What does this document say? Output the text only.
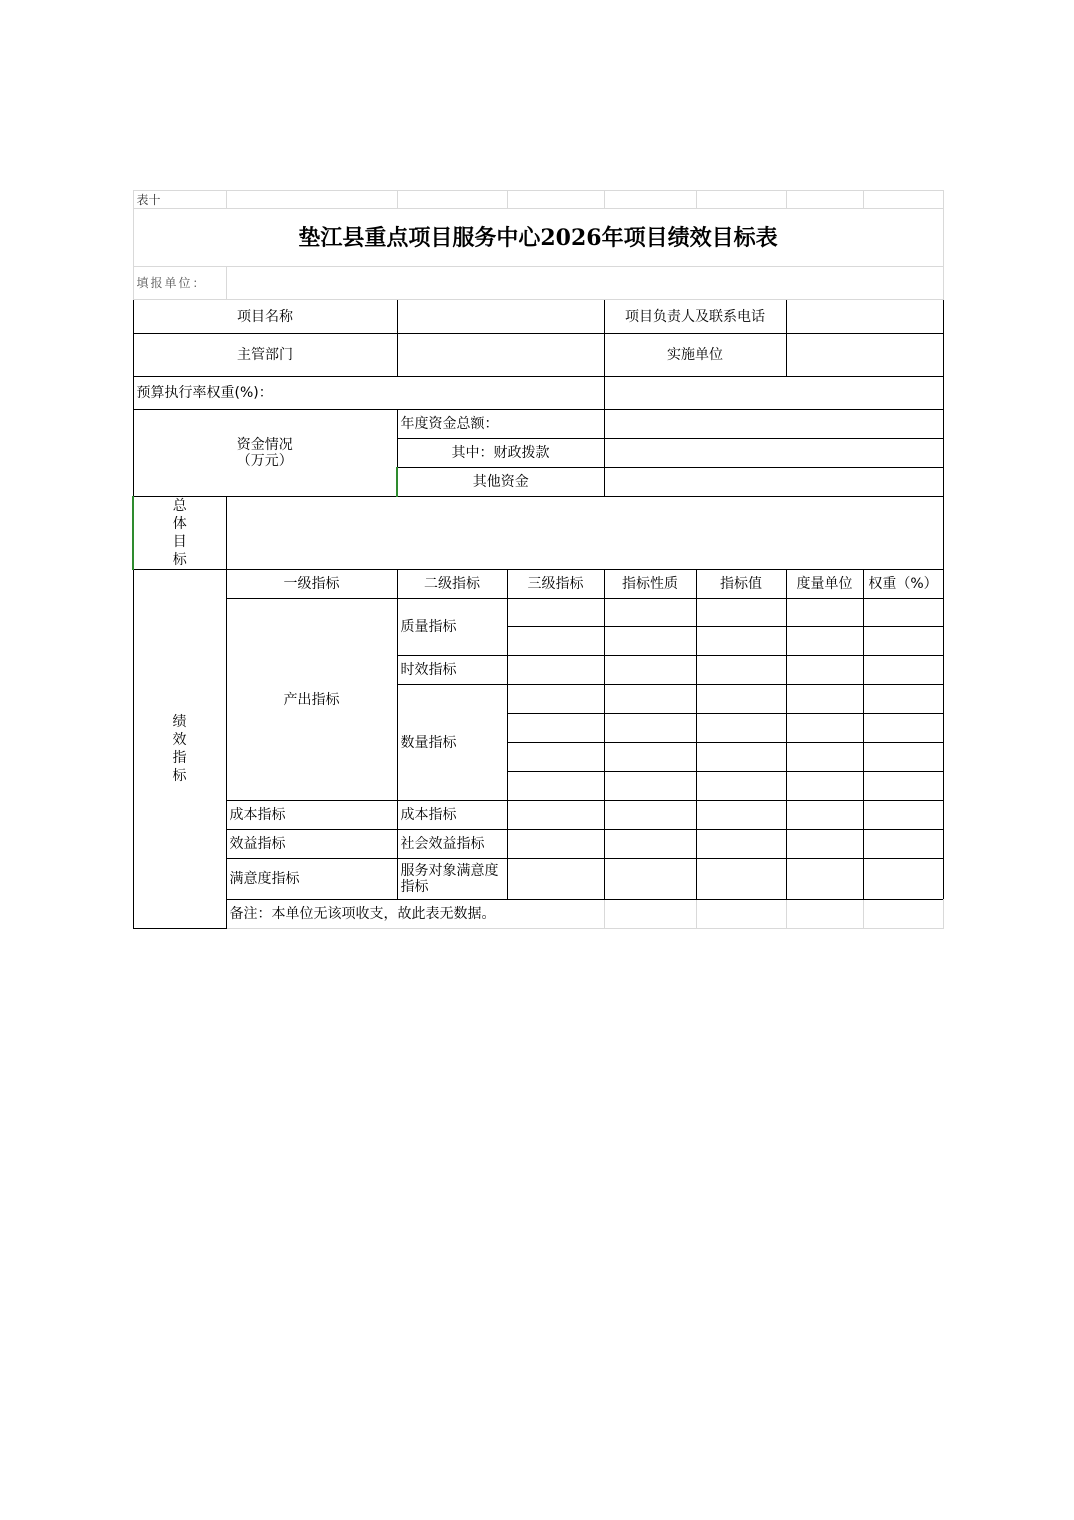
表十								
垫江县重点项目服务中心2026年项目绩效目标表								
填报单位：								
项目名称				项目负责人及联系电话				
主管部门				实施单位				
预算执行率权重(%)：								
资金情况
（万元）		年度资金总额：						
		其中：财政拨款						
		其他资金						

总
体
目
标								

绩
效
指
标	一级指标	二级指标	三级指标	指标性质	指标值	度量单位	权重（%）	
	产出指标	质量指标						

		时效指标						
		数量指标						

	成本指标	成本指标						
	效益指标	社会效益指标						
	满意度指标	服务对象满意度指标						
	备注：本单位无该项收支，故此表无数据。							
